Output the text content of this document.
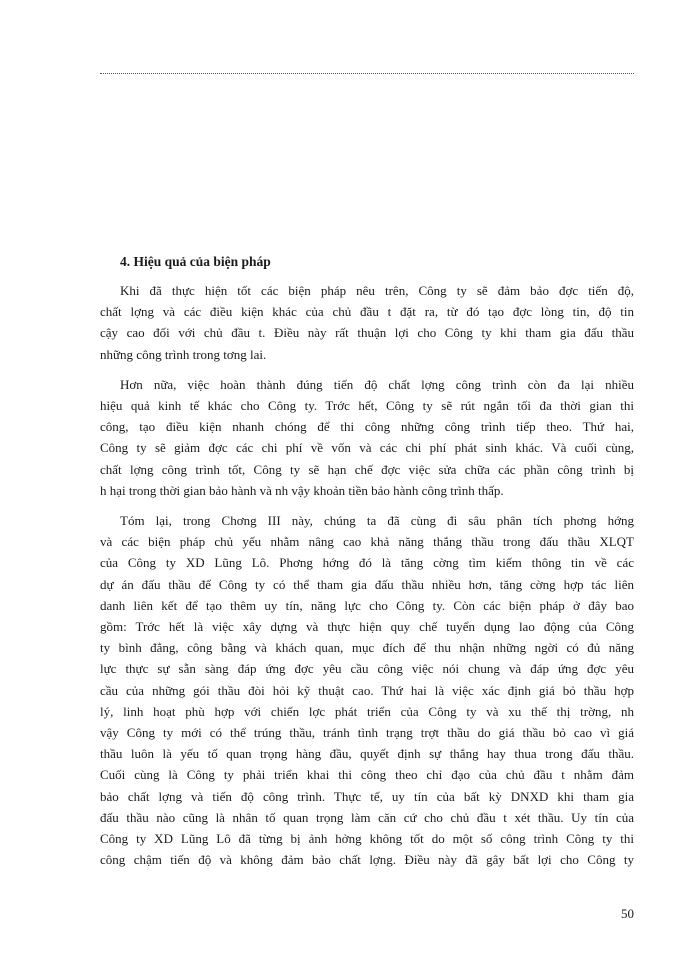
4. Hiệu quả của biện pháp

Khi đã thực hiện tốt các biện pháp nêu trên, Công ty sẽ đảm bảo đợc tiến độ,
chất lợng và các điều kiện khác của chủ đầu t đặt ra, từ đó tạo đợc lòng tin, độ tin
cậy cao đối với chủ đầu t. Điều này rất thuận lợi cho Công ty khi tham gia đấu thầu
những công trình trong tơng lai.

Hơn nữa, việc hoàn thành đúng tiến độ chất lợng công trình còn đa lại nhiều
hiệu quả kinh tế khác cho Công ty. Trớc hết, Công ty sẽ rút ngắn tối đa thời gian thi
công, tạo điều kiện nhanh chóng để thi công những công trình tiếp theo. Thứ hai,
Công ty sẽ giảm đợc các chi phí về vốn và các chi phí phát sinh khác. Và cuối cùng,
chất lợng công trình tốt, Công ty sẽ hạn chế đợc việc sửa chữa các phần công trình bị
h hại trong thời gian bảo hành và nh vậy khoản tiền bảo hành công trình thấp.

Tóm lại, trong Chơng III này, chúng ta đã cùng đi sâu phân tích phơng hớng
và các biện pháp chủ yếu nhằm nâng cao khả năng thắng thầu trong đấu thầu XLQT
của Công ty XD Lũng Lô. Phơng hớng đó là tăng cờng tìm kiếm thông tin về các
dự án đấu thầu để Công ty có thể tham gia đấu thầu nhiều hơn, tăng cờng hợp tác liên
danh liên kết để tạo thêm uy tín, năng lực cho Công ty. Còn các biện pháp ở đây bao
gồm: Trớc hết là việc xây dựng và thực hiện quy chế tuyển dụng lao động của Công
ty bình đẳng, công bằng và khách quan, mục đích để thu nhận những ngời có đủ năng
lực thực sự sẵn sàng đáp ứng đợc yêu cầu công việc nói chung và đáp ứng đợc yêu
cầu của những gói thầu đòi hỏi kỹ thuật cao. Thứ hai là việc xác định giá bỏ thầu hợp
lý, linh hoạt phù hợp với chiến lợc phát triển của Công ty và xu thế thị trờng, nh
vậy Công ty mới có thể trúng thầu, tránh tình trạng trợt thầu do giá thầu bỏ cao vì giá
thầu luôn là yếu tố quan trọng hàng đầu, quyết định sự thắng hay thua trong đấu thầu.
Cuối cùng là Công ty phải triển khai thi công theo chỉ đạo của chủ đầu t nhằm đảm
bảo chất lợng và tiến độ công trình. Thực tế, uy tín của bất kỳ DNXD khi tham gia
đấu thầu nào cũng là nhân tố quan trọng làm căn cứ cho chủ đầu t xét thầu. Uy tín của
Công ty XD Lũng Lô đã từng bị ảnh hởng không tốt do một số công trình Công ty thi
công chậm tiến độ và không đảm bảo chất lợng. Điều này đã gây bất lợi cho Công ty

50
